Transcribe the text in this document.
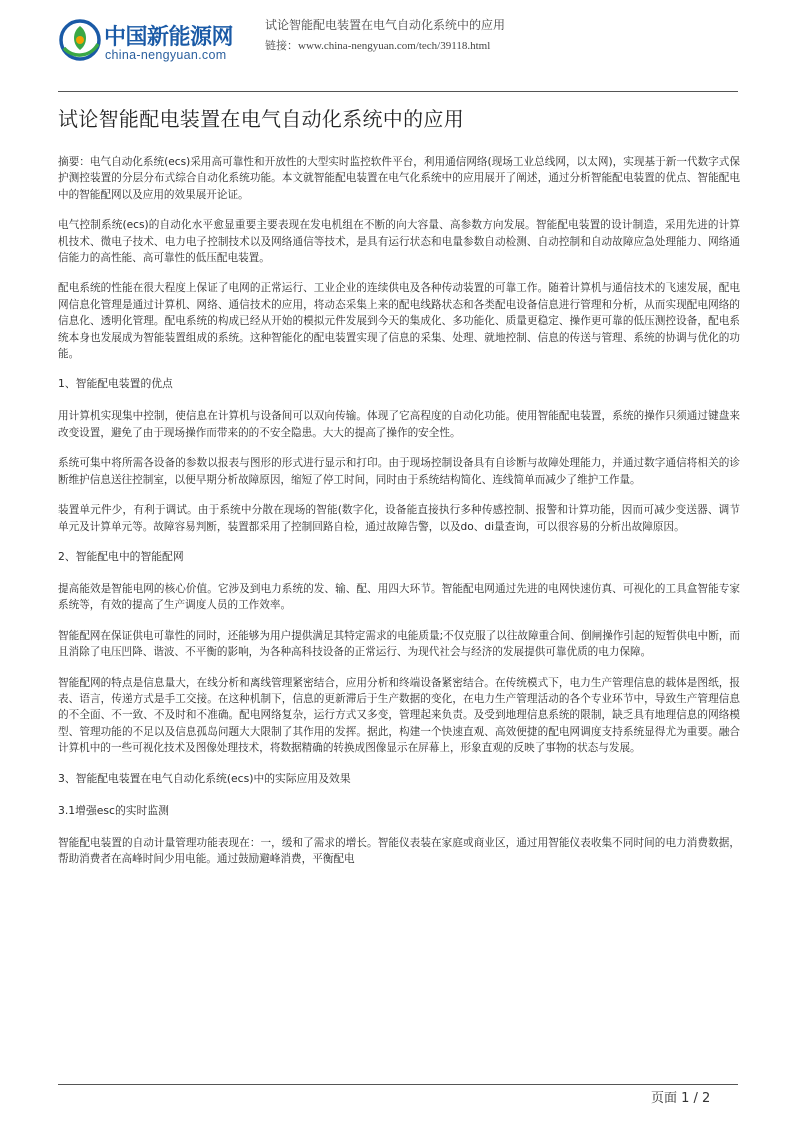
中国新能源网
china-nengyuan.com
试论智能配电装置在电气自动化系统中的应用
链接：www.china-nengyuan.com/tech/39118.html
试论智能配电装置在电气自动化系统中的应用

摘要：电气自动化系统(ecs)采用高可靠性和开放性的大型实时监控软件平台，利用通信网络(现场工业总线网，以太网)，实现基于新一代数字式保护测控装置的分层分布式综合自动化系统功能。本文就智能配电装置在电气化系统中的应用展开了阐述，通过分析智能配电装置的优点、智能配电中的智能配网以及应用的效果展开论证。

电气控制系统(ecs)的自动化水平愈显重要主要表现在发电机组在不断的向大容量、高参数方向发展。智能配电装置的设计制造，采用先进的计算机技术、微电子技术、电力电子控制技术以及网络通信等技术，是具有运行状态和电量参数自动检测、自动控制和自动故障应急处理能力、网络通信能力的高性能、高可靠性的低压配电装置。

配电系统的性能在很大程度上保证了电网的正常运行、工业企业的连续供电及各种传动装置的可靠工作。随着计算机与通信技术的飞速发展，配电网信息化管理是通过计算机、网络、通信技术的应用，将动态采集上来的配电线路状态和各类配电设备信息进行管理和分析，从而实现配电网络的信息化、透明化管理。配电系统的构成已经从开始的模拟元件发展到今天的集成化、多功能化、质量更稳定、操作更可靠的低压测控设备，配电系统本身也发展成为智能装置组成的系统。这种智能化的配电装置实现了信息的采集、处理、就地控制、信息的传送与管理、系统的协调与优化的功能。

1、智能配电装置的优点

用计算机实现集中控制，使信息在计算机与设备间可以双向传输。体现了它高程度的自动化功能。使用智能配电装置，系统的操作只须通过键盘来改变设置，避免了由于现场操作而带来的的不安全隐患。大大的提高了操作的安全性。

系统可集中将所需各设备的参数以报表与图形的形式进行显示和打印。由于现场控制设备具有自诊断与故障处理能力，并通过数字通信将相关的诊断维护信息送往控制室，以便早期分析故障原因，缩短了停工时间，同时由于系统结构简化、连线简单而减少了维护工作量。

装置单元件少，有利于调试。由于系统中分散在现场的智能(数字化，设备能直接执行多种传感控制、报警和计算功能，因而可减少变送器、调节单元及计算单元等。故障容易判断，装置都采用了控制回路自检，通过故障告警，以及do、di量查询，可以很容易的分析出故障原因。

2、智能配电中的智能配网

提高能效是智能电网的核心价值。它涉及到电力系统的发、输、配、用四大环节。智能配电网通过先进的电网快速仿真、可视化的工具盒智能专家系统等，有效的提高了生产调度人员的工作效率。

智能配网在保证供电可靠性的同时，还能够为用户提供满足其特定需求的电能质量;不仅克服了以往故障重合间、倒闸操作引起的短暂供电中断，而且消除了电压凹降、谐波、不平衡的影响，为各种高科技设备的正常运行、为现代社会与经济的发展提供可靠优质的电力保障。

智能配网的特点是信息量大，在线分析和离线管理紧密结合，应用分析和终端设备紧密结合。在传统模式下，电力生产管理信息的载体是图纸，报表、语言，传递方式是手工交接。在这种机制下，信息的更新滞后于生产数据的变化，在电力生产管理活动的各个专业环节中，导致生产管理信息的不全面、不一致、不及时和不准确。配电网络复杂，运行方式又多变，管理起来负责。及受到地理信息系统的限制，缺乏具有地理信息的网络模型、管理功能的不足以及信息孤岛问题大大限制了其作用的发挥。据此，构建一个快速直观、高效便捷的配电网调度支持系统显得尤为重要。融合计算机中的一些可视化技术及图像处理技术，将数据精确的转换成图像显示在屏幕上，形象直观的反映了事物的状态与发展。

3、智能配电装置在电气自动化系统(ecs)中的实际应用及效果
3.1增强esc的实时监测

智能配电装置的自动计量管理功能表现在：一，缓和了需求的增长。智能仪表装在家庭或商业区，通过用智能仪表收集不同时间的电力消费数据，帮助消费者在高峰时间少用电能。通过鼓励避峰消费，平衡配电

页面 1 / 2
